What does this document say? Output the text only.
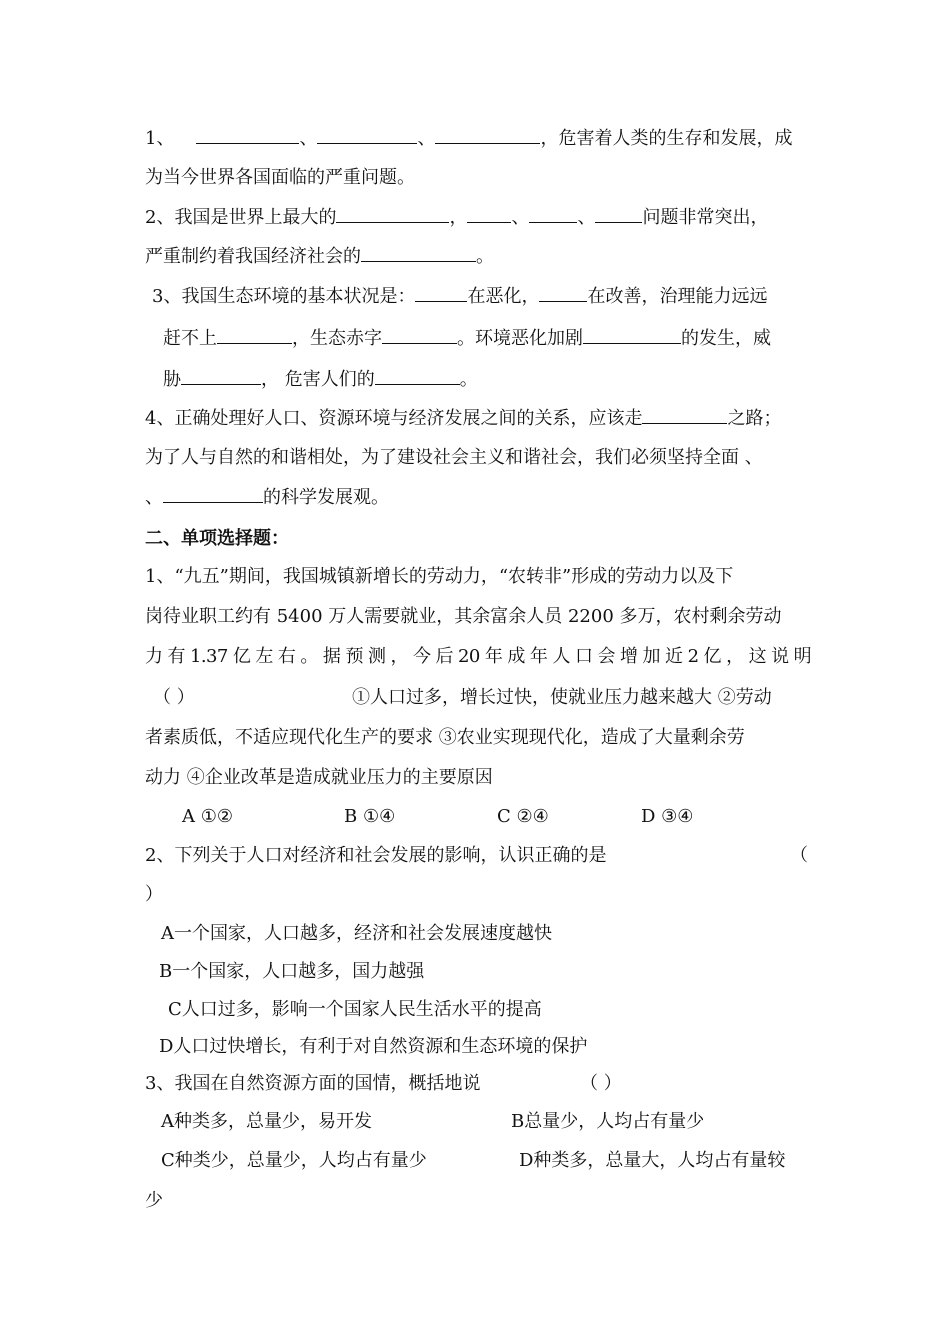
1、	、	、	，危害着人类的生存和发展，成
为当今世界各国面临的严重问题。
2、我国是世界上最大的	， 、	、	问题非常突出，
严重制约着我国经济社会的	。
3、我国生态环境的基本状况是：	在恶化，	在改善，治理能力远远
赶不上	，生态赤字	。环境恶化加剧	的发生，威
胁	， 危害人们的	。
4、正确处理好人口、资源环境与经济发展之间的关系，应该走	之路；
为了人与自然的和谐相处，为了建设社会主义和谐社会，我们必须坚持全面 、
、	的科学发展观。
二、单项选择题：
1、“九五”期间，我国城镇新增长的劳动力，“农转非”形成的劳动力以及下
岗待业职工约有 5400 万人需要就业，其余富余人员 2200 多万，农村剩余劳动
力 有 1.37 亿 左 右 。 据 预 测 ， 今 后 20 年 成 年 人 口 会 增 加 近 2 亿 ， 这 说 明
（ ）	①人口过多，增长过快，使就业压力越来越大 ②劳动
者素质低，不适应现代化生产的要求 ③农业实现现代化，造成了大量剩余劳
动力 ④企业改革是造成就业压力的主要原因
A ①②	B ①④	C ②④	D ③④
2、下列关于人口对经济和社会发展的影响，认识正确的是	（
）
A一个国家，人口越多，经济和社会发展速度越快
B一个国家，人口越多，国力越强
C人口过多，影响一个国家人民生活水平的提高
D人口过快增长，有利于对自然资源和生态环境的保护
3、我国在自然资源方面的国情，概括地说	（ ）
A种类多，总量少，易开发	B总量少，人均占有量少
C种类少，总量少，人均占有量少	D种类多，总量大，人均占有量较
少
